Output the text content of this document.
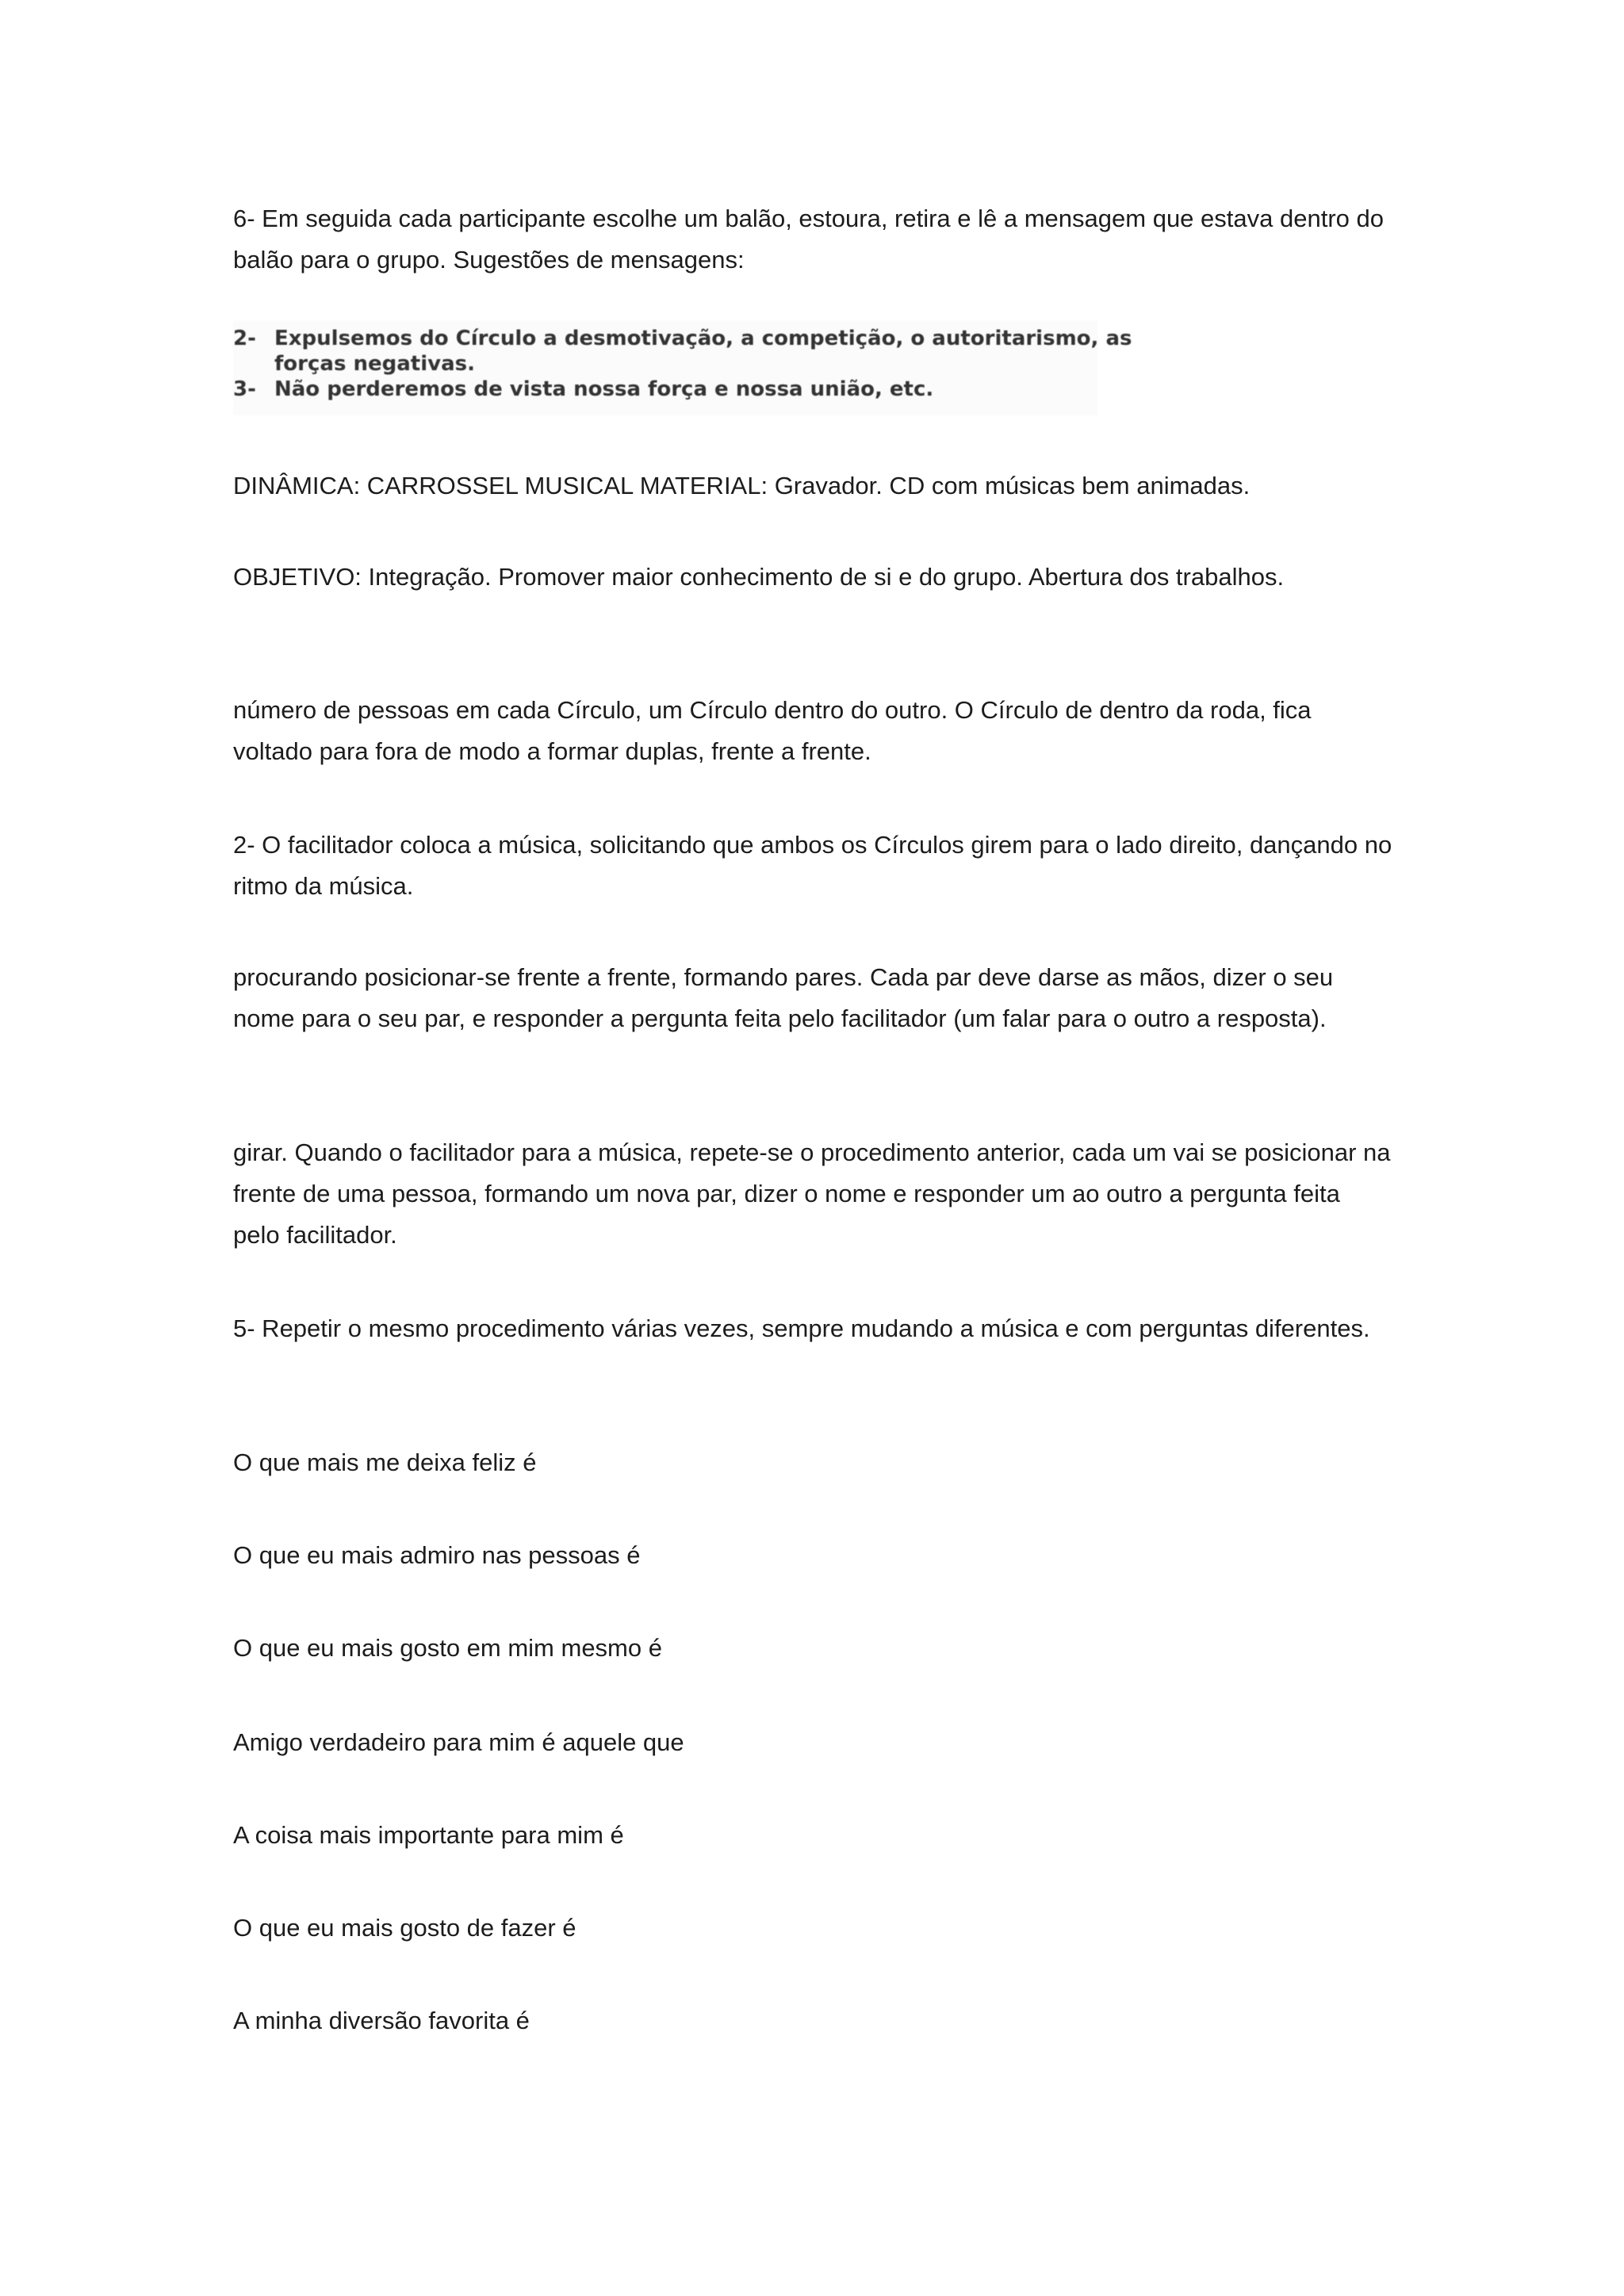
6- Em seguida cada participante escolhe um balão, estoura, retira e lê a mensagem que estava dentro do balão para o grupo. Sugestões de mensagens:

2- Expulsemos do Círculo a desmotivação, a competição, o autoritarismo, as

forças negativas.

3- Não perderemos de vista nossa força e nossa união, etc.

DINÂMICA: CARROSSEL MUSICAL MATERIAL: Gravador. CD com músicas bem animadas.

OBJETIVO: Integração. Promover maior conhecimento de si e do grupo. Abertura dos trabalhos.

número de pessoas em cada Círculo, um Círculo dentro do outro. O Círculo de dentro da roda, fica voltado para fora de modo a formar duplas, frente a frente.

2- O facilitador coloca a música, solicitando que ambos os Círculos girem para o lado direito, dançando no ritmo da música.

procurando posicionar-se frente a frente, formando pares. Cada par deve darse as mãos, dizer o seu nome para o seu par, e responder a pergunta feita pelo facilitador (um falar para o outro a resposta).

girar. Quando o facilitador para a música, repete-se o procedimento anterior, cada um vai se posicionar na frente de uma pessoa, formando um nova par, dizer o nome e responder um ao outro a pergunta feita pelo facilitador.

5- Repetir o mesmo procedimento várias vezes, sempre mudando a música e com perguntas diferentes.

O que mais me deixa feliz é

O que eu mais admiro nas pessoas é

O que eu mais gosto em mim mesmo é

Amigo verdadeiro para mim é aquele que

A coisa mais importante para mim é

O que eu mais gosto de fazer é

A minha diversão favorita é
